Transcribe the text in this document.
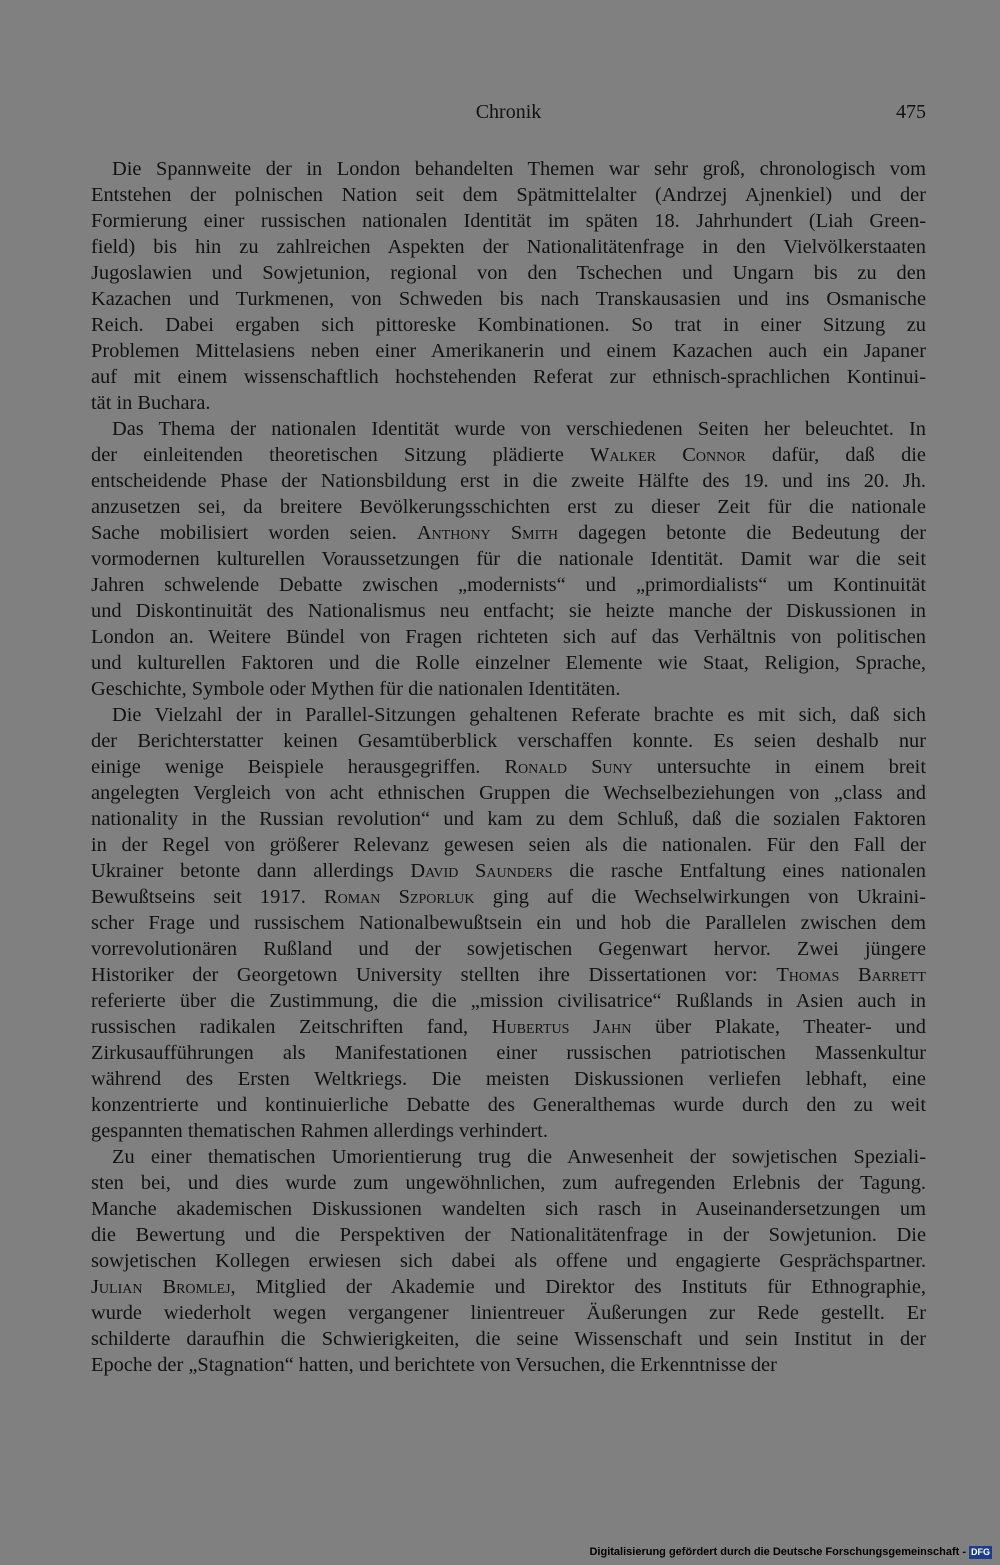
Chronik	475
Die Spannweite der in London behandelten Themen war sehr groß, chronologisch vom
Entstehen der polnischen Nation seit dem Spätmittelalter (Andrzej Ajnenkiel) und der
Formierung einer russischen nationalen Identität im späten 18. Jahrhundert (Liah Green-
field) bis hin zu zahlreichen Aspekten der Nationalitätenfrage in den Vielvölkerstaaten
Jugoslawien und Sowjetunion, regional von den Tschechen und Ungarn bis zu den
Kazachen und Turkmenen, von Schweden bis nach Transkausasien und ins Osmanische
Reich. Dabei ergaben sich pittoreske Kombinationen. So trat in einer Sitzung zu
Problemen Mittelasiens neben einer Amerikanerin und einem Kazachen auch ein Japaner
auf mit einem wissenschaftlich hochstehenden Referat zur ethnisch-sprachlichen Kontinui-
tät in Buchara.
Das Thema der nationalen Identität wurde von verschiedenen Seiten her beleuchtet. In
der einleitenden theoretischen Sitzung plädierte Walker Connor dafür, daß die
entscheidende Phase der Nationsbildung erst in die zweite Hälfte des 19. und ins 20. Jh.
anzusetzen sei, da breitere Bevölkerungsschichten erst zu dieser Zeit für die nationale
Sache mobilisiert worden seien. Anthony Smith dagegen betonte die Bedeutung der
vormodernen kulturellen Voraussetzungen für die nationale Identität. Damit war die seit
Jahren schwelende Debatte zwischen „modernists“ und „primordialists“ um Kontinuität
und Diskontinuität des Nationalismus neu entfacht; sie heizte manche der Diskussionen in
London an. Weitere Bündel von Fragen richteten sich auf das Verhältnis von politischen
und kulturellen Faktoren und die Rolle einzelner Elemente wie Staat, Religion, Sprache,
Geschichte, Symbole oder Mythen für die nationalen Identitäten.
Die Vielzahl der in Parallel-Sitzungen gehaltenen Referate brachte es mit sich, daß sich
der Berichterstatter keinen Gesamtüberblick verschaffen konnte. Es seien deshalb nur
einige wenige Beispiele herausgegriffen. Ronald Suny untersuchte in einem breit
angelegten Vergleich von acht ethnischen Gruppen die Wechselbeziehungen von „class and
nationality in the Russian revolution“ und kam zu dem Schluß, daß die sozialen Faktoren
in der Regel von größerer Relevanz gewesen seien als die nationalen. Für den Fall der
Ukrainer betonte dann allerdings David Saunders die rasche Entfaltung eines nationalen
Bewußtseins seit 1917. Roman Szporluk ging auf die Wechselwirkungen von Ukraini-
scher Frage und russischem Nationalbewußtsein ein und hob die Parallelen zwischen dem
vorrevolutionären Rußland und der sowjetischen Gegenwart hervor. Zwei jüngere
Historiker der Georgetown University stellten ihre Dissertationen vor: Thomas Barrett
referierte über die Zustimmung, die die „mission civilisatrice“ Rußlands in Asien auch in
russischen radikalen Zeitschriften fand, Hubertus Jahn über Plakate, Theater- und
Zirkusaufführungen als Manifestationen einer russischen patriotischen Massenkultur
während des Ersten Weltkriegs. Die meisten Diskussionen verliefen lebhaft, eine
konzentrierte und kontinuierliche Debatte des Generalthemas wurde durch den zu weit
gespannten thematischen Rahmen allerdings verhindert.
Zu einer thematischen Umorientierung trug die Anwesenheit der sowjetischen Speziali-
sten bei, und dies wurde zum ungewöhnlichen, zum aufregenden Erlebnis der Tagung.
Manche akademischen Diskussionen wandelten sich rasch in Auseinandersetzungen um
die Bewertung und die Perspektiven der Nationalitätenfrage in der Sowjetunion. Die
sowjetischen Kollegen erwiesen sich dabei als offene und engagierte Gesprächspartner.
Julian Bromlej, Mitglied der Akademie und Direktor des Instituts für Ethnographie,
wurde wiederholt wegen vergangener linientreuer Äußerungen zur Rede gestellt. Er
schilderte daraufhin die Schwierigkeiten, die seine Wissenschaft und sein Institut in der
Epoche der „Stagnation“ hatten, und berichtete von Versuchen, die Erkenntnisse der
Digitalisierung gefördert durch die Deutsche Forschungsgemeinschaft - DFG
